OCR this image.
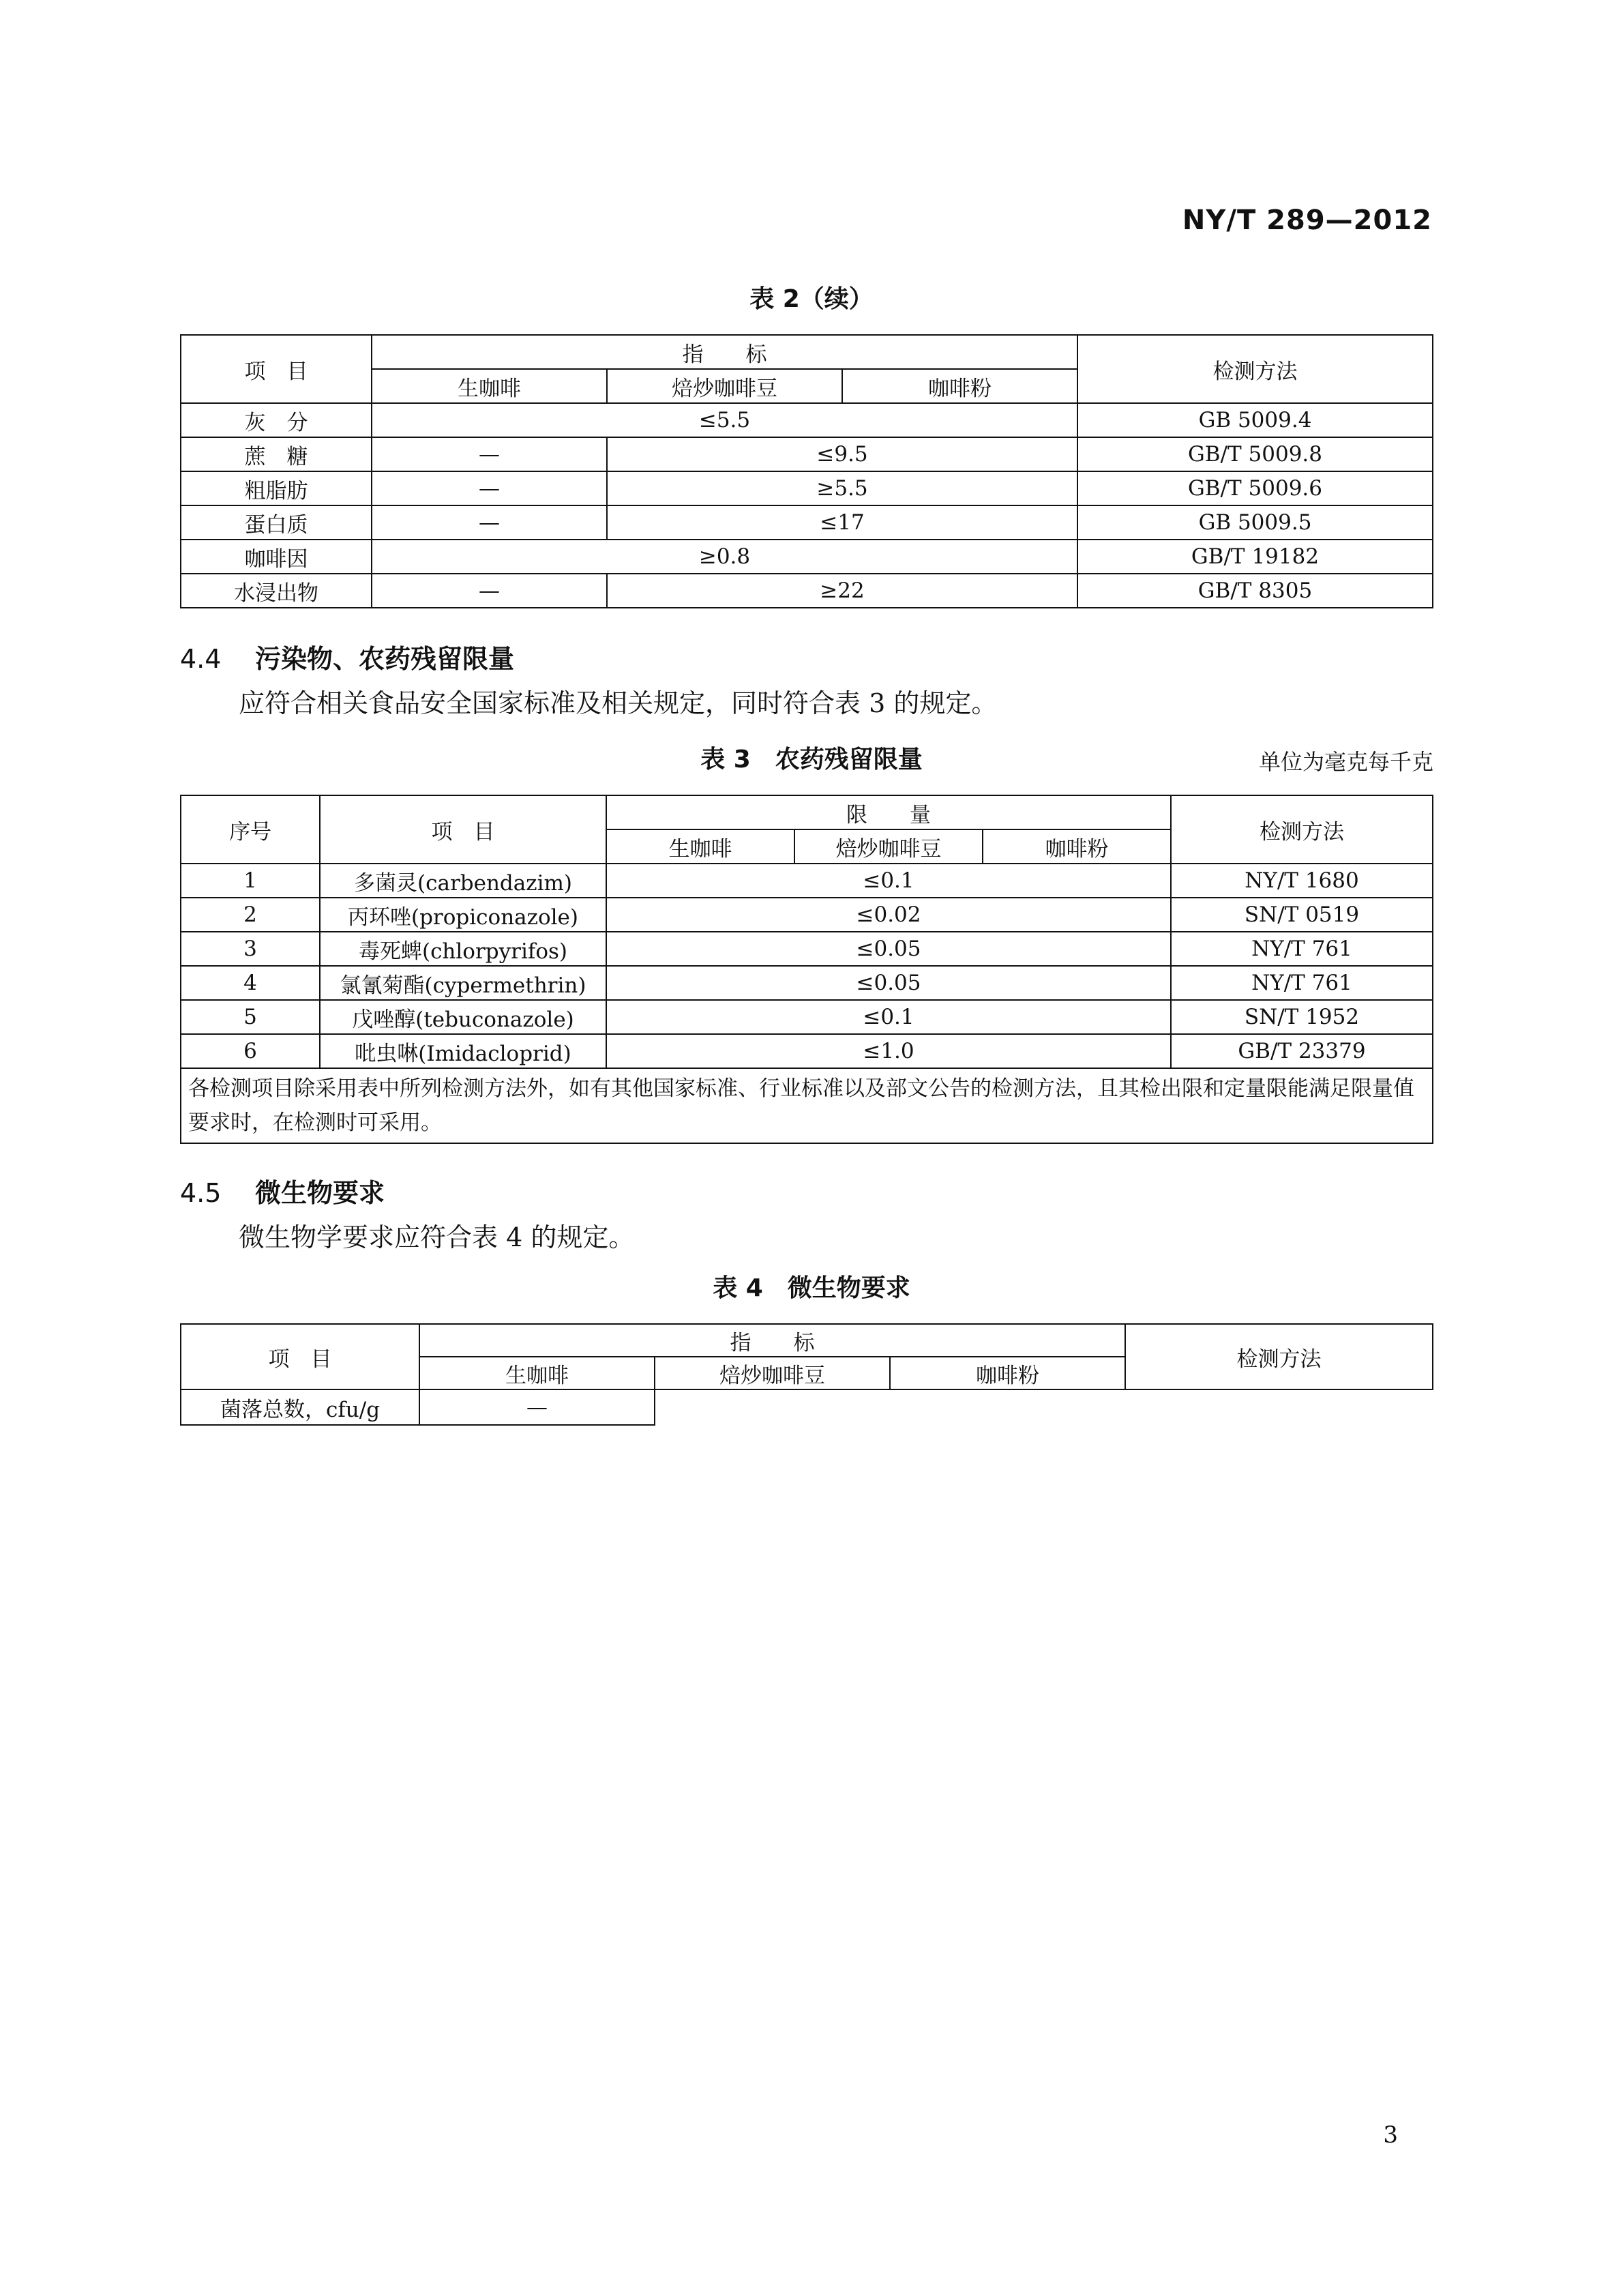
NY/T 289—2012
表 2（续）
项　目	指　　标			检测方法
	生咖啡	焙炒咖啡豆	咖啡粉	
灰　分	≤5.5			GB 5009.4
蔗　糖	—	≤9.5		GB/T 5009.8
粗脂肪	—	≥5.5		GB/T 5009.6
蛋白质	—	≤17		GB 5009.5
咖啡因	≥0.8			GB/T 19182
水浸出物	—	≥22		GB/T 8305
4.4 污染物、农药残留限量
应符合相关食品安全国家标准及相关规定，同时符合表 3 的规定。
表 3　农药残留限量	单位为毫克每千克
序号	项　目	限　　量			检测方法
		生咖啡	焙炒咖啡豆	咖啡粉	
1	多菌灵(carbendazim)	≤0.1			NY/T 1680
2	丙环唑(propiconazole)	≤0.02			SN/T 0519
3	毒死蜱(chlorpyrifos)	≤0.05			NY/T 761
4	氯氰菊酯(cypermethrin)	≤0.05			NY/T 761
5	戊唑醇(tebuconazole)	≤0.1			SN/T 1952
6	吡虫啉(Imidacloprid)	≤1.0			GB/T 23379
各检测项目除采用表中所列检测方法外，如有其他国家标准、行业标准以及部文公告的检测方法，且其检出限和定量限能满足限量值要求时，在检测时可采用。					
4.5 微生物要求
微生物学要求应符合表 4 的规定。
表 4　微生物要求
项　目	指　　标			检测方法
	生咖啡	焙炒咖啡豆	咖啡粉	
菌落总数，cfu/g	—		
3
